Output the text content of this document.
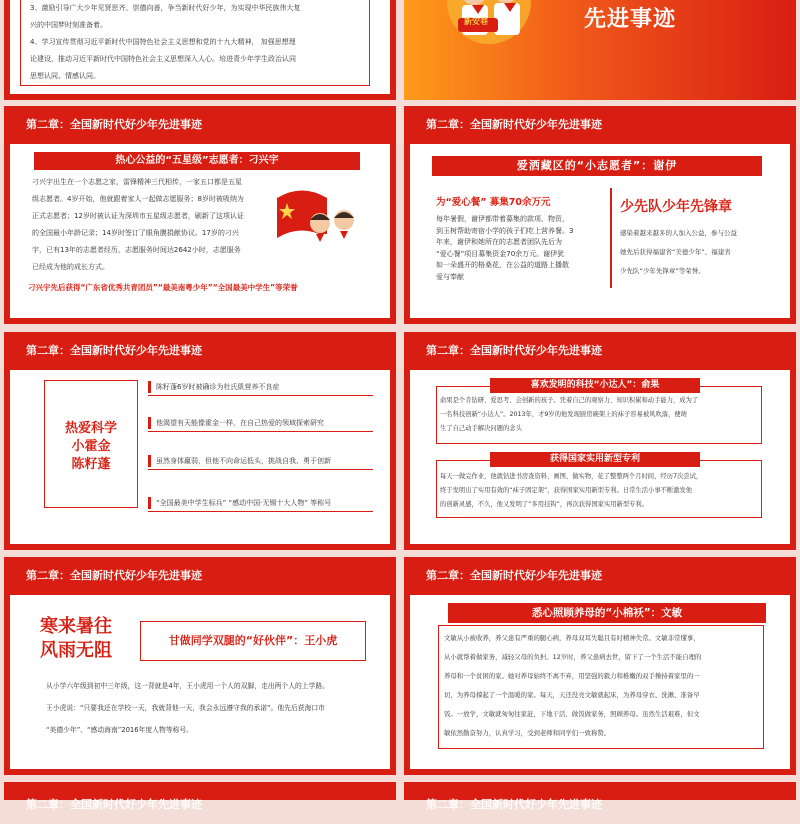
3、激励引导广大少年见贤思齐、崇德向善，争当新时代好少年，为实现中华民族伟大复
兴的中国梦时刻准备着。
4、学习宣传贯彻习近平新时代中国特色社会主义思想和党的十九大精神， 加强思想理
论建设，推动习近平新时代中国特色社会主义思想深入人心。培进青少年学生政治认同
思想认同、情感认同。
新安巷	先进事迹
第二章：全国新时代好少年先进事迹
热心公益的“五星级”志愿者：刁兴宇
刁兴宇出生在一个志愿之家，雷锋精神三代相传，一家五口都是五星
级志愿者。4岁开始，他就跟着家人一起做志愿服务；8岁时被吸纳为
正式志愿者；12岁时被认证为深圳市五星级志愿者，刷新了这项认证
的全国最小年龄记录；14岁时签订了眼角膜捐献协议。17岁的刁兴
宇，已有13年的志愿者经历，志愿服务时间达2642小时，志愿服务
已经成为他的成长方式。
刁兴宇先后获得“广东省优秀共青团员”“最美南粤少年”“全国最美中学生”等荣誉
第二章：全国新时代好少年先进事迹
爱洒藏区的“小志愿者”：谢伊
为“爱心餐” 募集70余万元
每年暑假，谢伊都带着募集的款项、物资，
到玉树帮助寄宿小学的孩子们吃上营养餐。3
年来，谢伊和她所在的志愿者团队先后为
“爱心餐”项目募集资金70余万元。谢伊犹
如一朵盛开的格桑花，在公益的道路上播散
爱与奉献
少先队少年先锋章
感染着越来越多的人加入公益，参与公益
她先后获得福建省“美德少年”、福建省
少先队“少年先锋章”等荣誉。
第二章：全国新时代好少年先进事迹
热爱科学
小霍金
陈籽蓬
陈籽蓬6岁时被确诊为杜氏肌营养不良症
他渴望有天能像霍金一样，在自己热爱的领域探索研究
虽然身体羸弱，但他不向命运低头，挑战自我、勇于创新
“全国最美中学生标兵” “感动中国·无锡十大人物” 等称号
第二章：全国新时代好少年先进事迹
喜欢发明的科技“小达人”：俞果
俞果是个肯钻研、爱思考、会创新的孩子。凭着自己的观察力、知识积累和动手能力，成为了
一名科技创新“小达人”。2013年，才9岁的他发现厨房碗架上的袜子容易被风吹落，便萌
生了自己动手解决问题的念头
获得国家实用新型专利
每天一做完作业，他就钻进书房查资料、画图、做实物，花了整整两个月时间，经历7次尝试，
终于发明出了实用有效的“袜子固定架”，获得国家实用新型专利。日常生活小事不断激发他
的创新灵感，不久，他又发明了“多用挂钩”，再次获得国家实用新型专利。
第二章：全国新时代好少年先进事迹
寒来暑往
风雨无阻	甘做同学双腿的“好伙伴”：王小虎
从小学六年级到初中三年级，这一背就是4年，王小虎用一个人的双脚，走出两个人的上学路。
王小虎说：“只要我还在学校一天，我就背他一天，我会永远遵守我的承诺”。他先后获海口市
“美德少年”、“感动海南”2016年度人物等称号。
第二章：全国新时代好少年先进事迹
悉心照顾养母的“小棉袄”：文敏
文敏从小被收养，养父患有严重的腿心病，养母双耳失聪且有时精神失常。文敏非常懂事，
从小就帮着做家务，减轻父母的负担。12岁时，养父患病去世，留下了一个生活不能自理的
养母和一个贫困的家。她对养母始终不离不弃，用坚强的毅力和稚嫩的双手操持着家里的一
切，为养母撑起了一个温暖的家。每天，天还没亮文敏就起床，为养母穿衣、洗漱、准备早
饭。一放学，文敏就匆匆往家赶，下地干活，做饭做家务，照顾养母。虽然生活艰难，但文
敏依然勤奋努力，认真学习，受到老师和同学们一致称赞。
第二章：全国新时代好少年先进事迹	第二章：全国新时代好少年先进事迹
